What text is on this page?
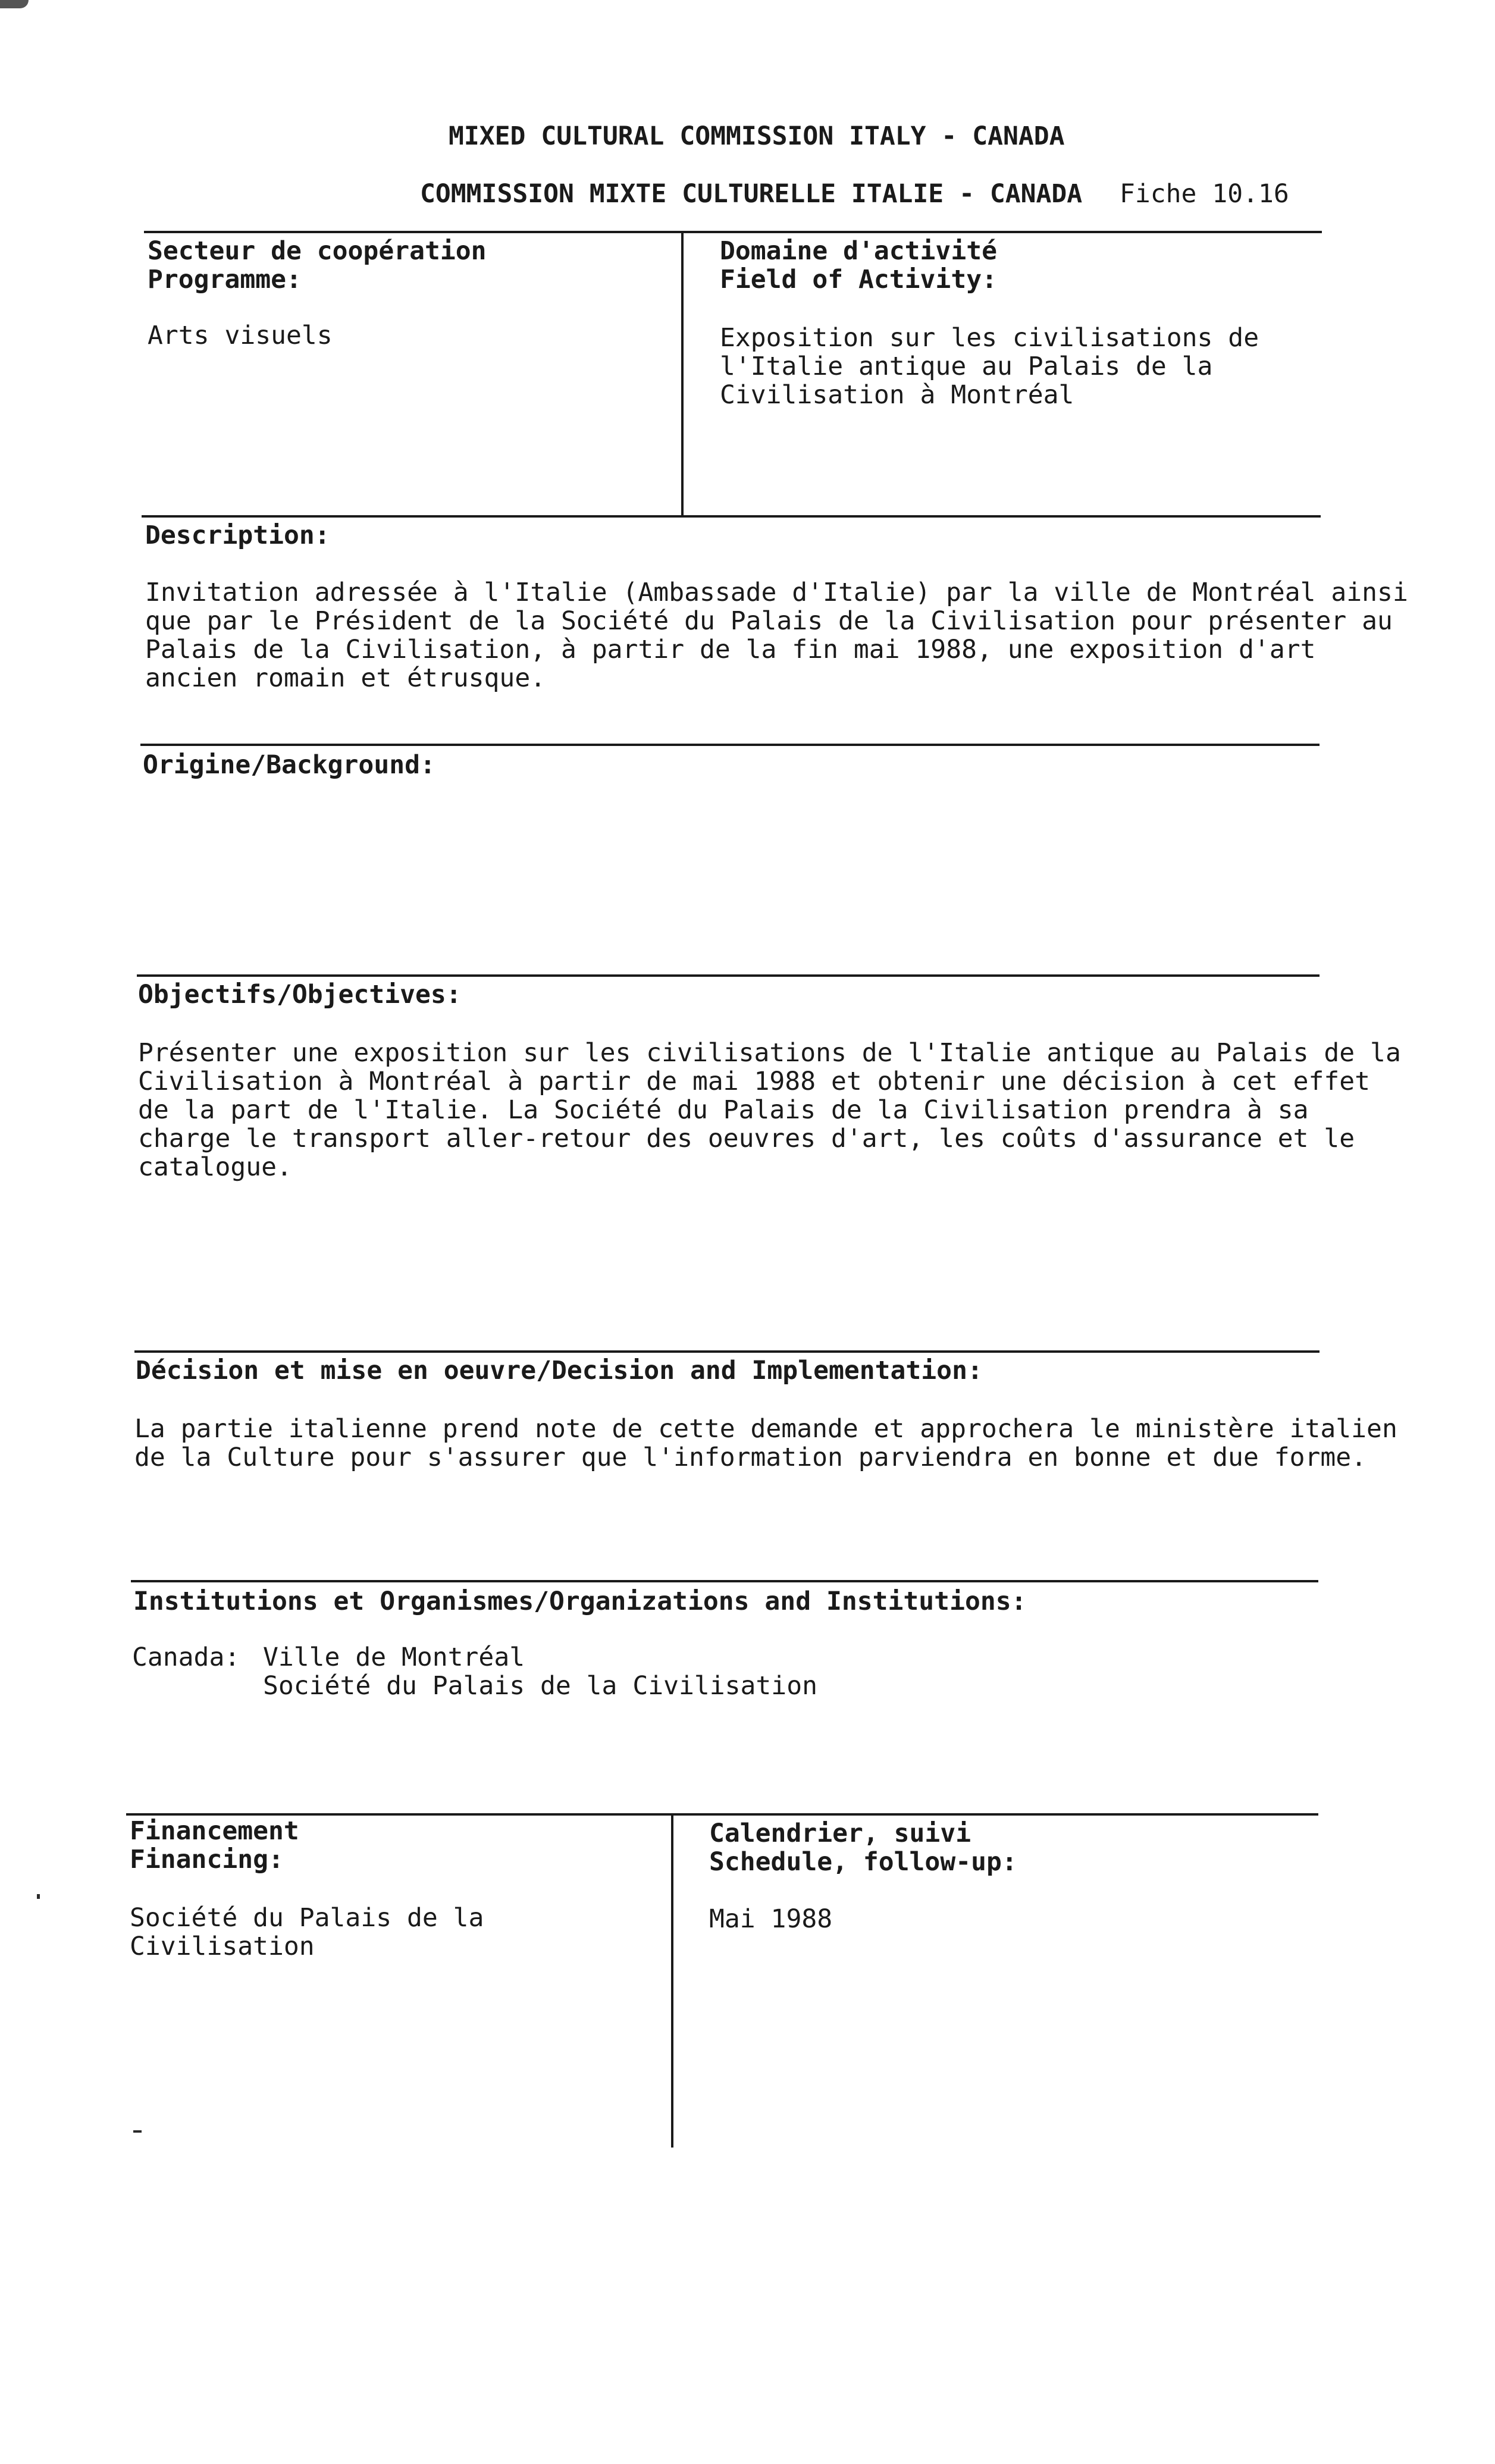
MIXED CULTURAL COMMISSION ITALY - CANADA
COMMISSION MIXTE CULTURELLE ITALIE - CANADA Fiche 10.16
Secteur de coopération
Programme:
Arts visuels
Domaine d'activité
Field of Activity:
Exposition sur les civilisations de
l'Italie antique au Palais de la
Civilisation à Montréal
Description:
Invitation adressée à l'Italie (Ambassade d'Italie) par la ville de Montréal ainsi
que par le Président de la Société du Palais de la Civilisation pour présenter au
Palais de la Civilisation, à partir de la fin mai 1988, une exposition d'art
ancien romain et étrusque.
Origine/Background:
Objectifs/Objectives:
Présenter une exposition sur les civilisations de l'Italie antique au Palais de la
Civilisation à Montréal à partir de mai 1988 et obtenir une décision à cet effet
de la part de l'Italie. La Société du Palais de la Civilisation prendra à sa
charge le transport aller-retour des oeuvres d'art, les coûts d'assurance et le
catalogue.
Décision et mise en oeuvre/Decision and Implementation:
La partie italienne prend note de cette demande et approchera le ministère italien
de la Culture pour s'assurer que l'information parviendra en bonne et due forme.
Institutions et Organismes/Organizations and Institutions:
Canada: Ville de Montréal
Société du Palais de la Civilisation
Financement
Financing:
Société du Palais de la
Civilisation
Calendrier, suivi
Schedule, follow-up:
Mai 1988
